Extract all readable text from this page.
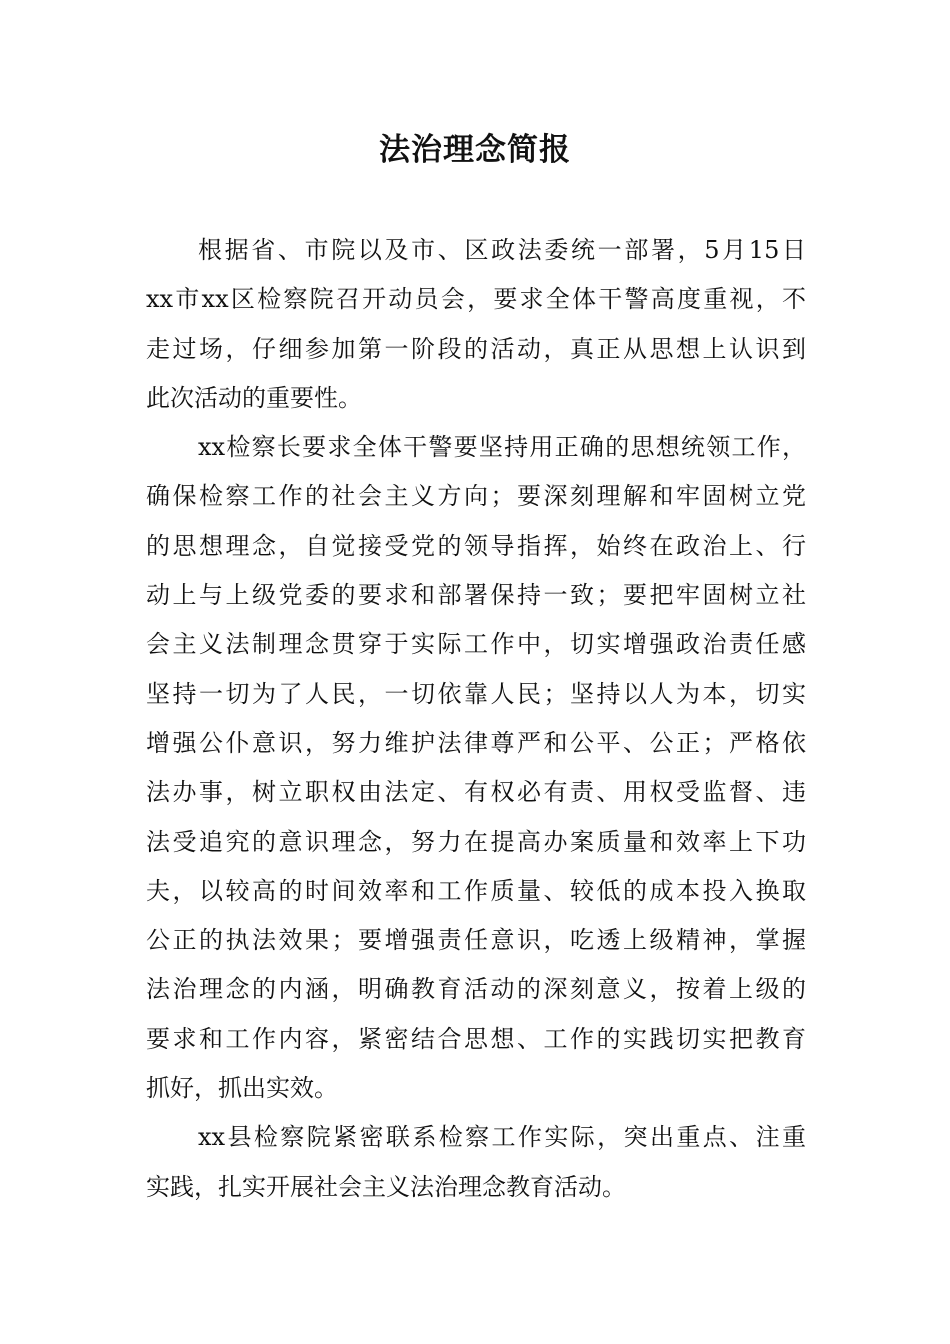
法治理念简报
根据省、市院以及市、区政法委统一部署，5月15日
xx市xx区检察院召开动员会，要求全体干警高度重视，不
走过场，仔细参加第一阶段的活动，真正从思想上认识到
此次活动的重要性。
xx检察长要求全体干警要坚持用正确的思想统领工作，
确保检察工作的社会主义方向；要深刻理解和牢固树立党
的思想理念，自觉接受党的领导指挥，始终在政治上、行
动上与上级党委的要求和部署保持一致；要把牢固树立社
会主义法制理念贯穿于实际工作中，切实增强政治责任感
坚持一切为了人民，一切依靠人民；坚持以人为本，切实
增强公仆意识，努力维护法律尊严和公平、公正；严格依
法办事，树立职权由法定、有权必有责、用权受监督、违
法受追究的意识理念，努力在提高办案质量和效率上下功
夫，以较高的时间效率和工作质量、较低的成本投入换取
公正的执法效果；要增强责任意识，吃透上级精神，掌握
法治理念的内涵，明确教育活动的深刻意义，按着上级的
要求和工作内容，紧密结合思想、工作的实践切实把教育
抓好，抓出实效。
xx县检察院紧密联系检察工作实际，突出重点、注重
实践，扎实开展社会主义法治理念教育活动。
